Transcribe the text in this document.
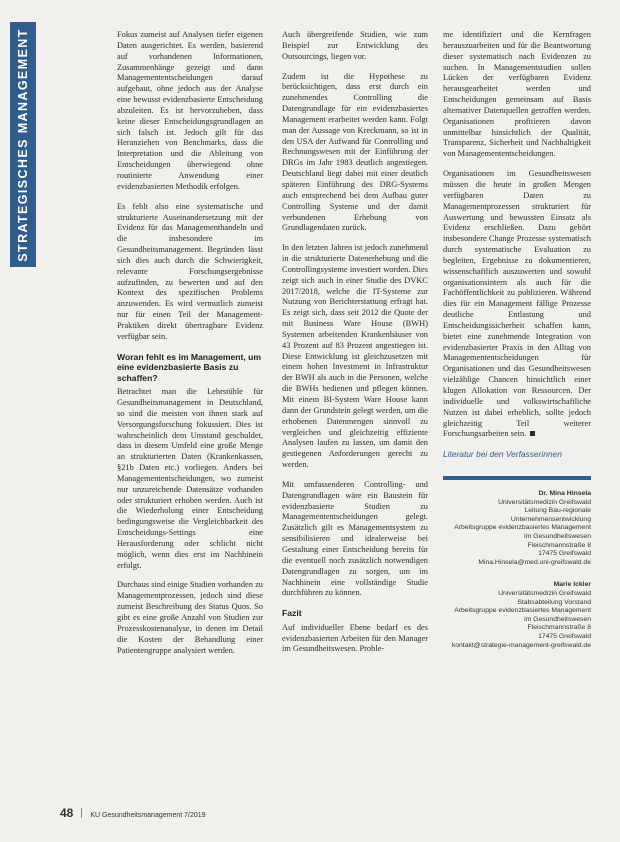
STRATEGISCHES MANAGEMENT	Fokus zumeist auf Analysen tiefer eigenen Daten ausgerichtet. Es werden, basierend auf vorhandenen Informationen, Zusammenhänge gezeigt und dann Managemententscheidungen darauf aufgebaut, ohne jedoch aus der Analyse eine bewusst evidenzbasierte Entscheidung abzuleiten. Es ist hervorzuheben, dass keine dieser Entscheidungsgrundlagen an sich falsch ist. Jedoch gilt für das Heranziehen von Benchmarks, dass die Interpretation und die Ableitung von Entscheidungen überwiegend ohne routinierte Anwendung einer evidenzbasierten Methodik erfolgen.

Es fehlt also eine systematische und strukturierte Auseinandersetzung mit der Evidenz für das Managementhandeln und die insbesondere im Gesundheitsmanagement. Begründen lässt sich dies auch durch die Schwierigkeit, relevante Forschungsergebnisse aufzufinden, zu bewerten und auf den Kontext des spezifischen Problems anzuwenden. Es wird vermutlich zumeist nur für einen Teil der Management-Praktiken direkt übertragbare Evidenz verfügbar sein.

Woran fehlt es im Management, um eine evidenzbasierte Basis zu schaffen?

Betrachtet man die Lehrstühle für Gesundheitsmanagement in Deutschland, so sind die meisten von ihnen stark auf Versorgungsforschung fokussiert. Dies ist wahrscheinlich dem Umstand geschuldet, dass in diesem Umfeld eine große Menge an strukturierten Daten (Krankenkassen, §21b Daten etc.) vorliegen. Anders bei Managemententscheidungen, wo zumeist nur unzureichende Datensätze vorhanden oder strukturiert erhoben werden. Auch ist die Wiederholung einer Entscheidung bedingungsweise die Vergleichbarkeit des Entscheidungs-Settings eine Herausforderung oder schlicht nicht möglich, wenn dies erst im Nachhinein erfolgt.

Durchaus sind einige Studien vorhanden zu Managementprozessen, jedoch sind diese zumeist Beschreibung des Status Quos. So gibt es eine große Anzahl von Studien zur Prozesskostenanalyse, in denen im Detail die Kosten der Behandlung einer Patientengruppe analysiert werden.

Auch übergreifende Studien, wie zum Beispiel zur Entwicklung des Outsourcings, liegen vor.

Zudem ist die Hypothese zu berücksichtigen, dass erst durch ein zunehmendes Controlling die Datengrundlage für ein evidenzbasiertes Management erarbeitet werden kann. Folgt man der Aussage von Kreckmann, so ist in den USA der Aufwand für Controlling und Rechnungswesen mit der Einführung der DRGs im Jahr 1983 deutlich angestiegen. Deutschland liegt dabei mit einer deutlich späteren Einführung des DRG-Systems auch entsprechend bei dem Aufbau guter Controlling Systeme und der damit verbundenen Erhebung von Grundlagendaten zurück.

In den letzten Jahren ist jedoch zunehmend in die strukturierte Datenerhebung und die Controllingsysteme investiert worden. Dies zeigt sich auch in einer Studie des DVKC 2017/2018, welche die IT-Systeme zur Nutzung von Berichterstattung erfragt hat. Es zeigt sich, dass seit 2012 die Quote der mit Business Ware House (BWH) Systemen arbeitenden Krankenhäuser von 43 Prozent auf 83 Prozent angestiegen ist. Diese Entwicklung ist gleichzusetzen mit einem hohen Investment in Infrastruktur der BWH als auch in die Personen, welche die BWHs bedienen und pflegen können. Mit einem BI-System Ware House kann dann der Grundstein gelegt werden, um die erhobenen Datenmengen sinnvoll zu vergleichen und gleichzeitig effiziente Analysen laufen zu lassen, um damit den gestiegenen Anforderungen gerecht zu werden.

Mit umfassenderen Controlling- und Datengrundlagen wäre ein Baustein für evidenzbasierte Studien zu Managemententscheidungen gelegt. Zusätzlich gilt es Managementsystem zu sensibilisieren und idealerweise bei Gestaltung einer Entscheidung bereits für die eventuell noch zusätzlich notwendigen Datengrundlagen zu sorgen, um im Nachhinein eine vollständige Studie durchführen zu können.

Fazit

Auf individueller Ebene bedarf es des evidenzbasierten Arbeiten für den Manager im Gesundheitswesen. Proble-

me identifiziert und die Kernfragen herauszuarbeiten und für die Beantwortung dieser systematisch nach Evidenzen zu suchen. In Managementstudien sollen Lücken der verfügbaren Evidenz herausgearbeitet werden und Entscheidungen gemeinsam auf Basis alternativer Datenquellen getroffen werden. Organisationen profitieren davon unmittelbar hinsichtlich der Qualität, Transparenz, Sicherheit und Nachhaltigkeit von Managemententscheidungen.

Organisationen im Gesundheitswesen müssen die heute in großen Mengen verfügbaren Daten zu Managementprozessen strukturiert für Auswertung und bewussten Einsatz als Evidenz erschließen. Dazu gehört insbesondere Change Prozesse systematisch durch systematische Evaluation zu begleiten, Ergebnisse zu dokumentieren, wissenschaftlich auszuwerten und sowohl organisationsintern als auch für die Fachöffentlichkeit zu publizieren. Während dies für ein Management fällige Prozesse deutliche Entlastung und Entscheidungssicherheit schaffen kann, bietet eine zunehmende Integration von evidenzbasierter Praxis in den Alltag von Managemententscheidungen für Organisationen und das Gesundheitswesen vielzählige Chancen hinsichtlich einer klugen Allokation von Ressourcen. Der individuelle und volkswirtschaftliche Nutzen ist dabei erheblich, sollte jedoch gleichzeitig Teil weiterer Forschungsarbeiten sein.

Literatur bei den Verfasserinnen
Dr. Mina Hinsela
Universitätsmedizin Greifswald
Leitung Bau-regionale
Unternehmensentwicklung
Arbeitsgruppe evidenzbasiertes Management
im Gesundheitswesen
Fleischmannstraße 8
17475 Greifswald
Mina.Hinsela@med.uni-greifswald.de
Marie Ickler
Universitätsmedizin Greifswald
Stabsabteilung Vorstand
Arbeitsgruppe evidenzbasiertes Management
im Gesundheitswesen
Fleischmannstraße 8
17475 Greifswald
kontakt@strategie-management-greifswald.de
48 KU Gesundheitsmanagement 7/2019
